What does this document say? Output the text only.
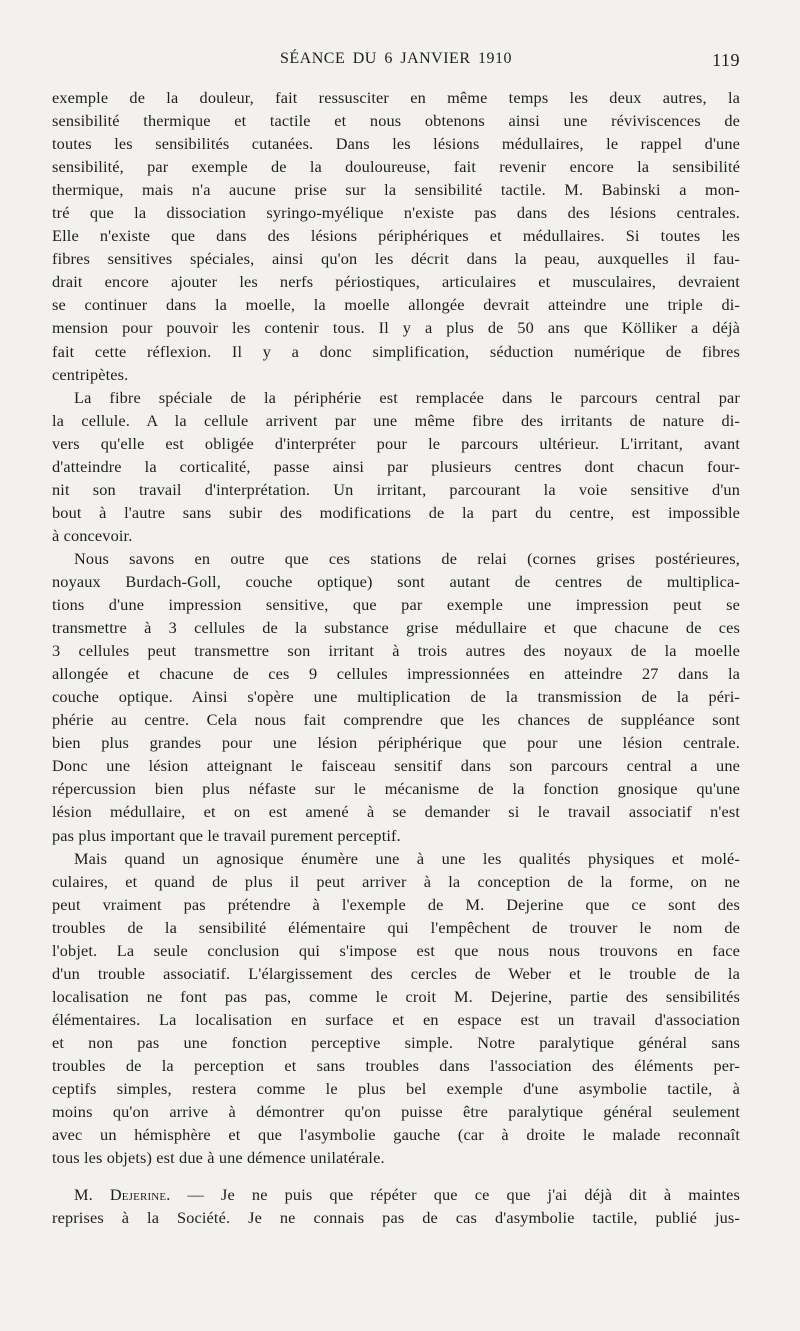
SÉANCE DU 6 JANVIER 1910	119
exemple de la douleur, fait ressusciter en même temps les deux autres, la
sensibilité thermique et tactile et nous obtenons ainsi une réviviscences de
toutes les sensibilités cutanées. Dans les lésions médullaires, le rappel d'une
sensibilité, par exemple de la douloureuse, fait revenir encore la sensibilité
thermique, mais n'a aucune prise sur la sensibilité tactile. M. Babinski a mon-
tré que la dissociation syringo-myélique n'existe pas dans des lésions centrales.
Elle n'existe que dans des lésions périphériques et médullaires. Si toutes les
fibres sensitives spéciales, ainsi qu'on les décrit dans la peau, auxquelles il fau-
drait encore ajouter les nerfs périostiques, articulaires et musculaires, devraient
se continuer dans la moelle, la moelle allongée devrait atteindre une triple di-
mension pour pouvoir les contenir tous. Il y a plus de 50 ans que Kölliker a déjà
fait cette réflexion. Il y a donc simplification, séduction numérique de fibres
centripètes.
La fibre spéciale de la périphérie est remplacée dans le parcours central par
la cellule. A la cellule arrivent par une même fibre des irritants de nature di-
vers qu'elle est obligée d'interpréter pour le parcours ultérieur. L'irritant, avant
d'atteindre la corticalité, passe ainsi par plusieurs centres dont chacun four-
nit son travail d'interprétation. Un irritant, parcourant la voie sensitive d'un
bout à l'autre sans subir des modifications de la part du centre, est impossible
à concevoir.
Nous savons en outre que ces stations de relai (cornes grises postérieures,
noyaux Burdach-Goll, couche optique) sont autant de centres de multiplica-
tions d'une impression sensitive, que par exemple une impression peut se
transmettre à 3 cellules de la substance grise médullaire et que chacune de ces
3 cellules peut transmettre son irritant à trois autres des noyaux de la moelle
allongée et chacune de ces 9 cellules impressionnées en atteindre 27 dans la
couche optique. Ainsi s'opère une multiplication de la transmission de la péri-
phérie au centre. Cela nous fait comprendre que les chances de suppléance sont
bien plus grandes pour une lésion périphérique que pour une lésion centrale.
Donc une lésion atteignant le faisceau sensitif dans son parcours central a une
répercussion bien plus néfaste sur le mécanisme de la fonction gnosique qu'une
lésion médullaire, et on est amené à se demander si le travail associatif n'est
pas plus important que le travail purement perceptif.
Mais quand un agnosique énumère une à une les qualités physiques et molé-
culaires, et quand de plus il peut arriver à la conception de la forme, on ne
peut vraiment pas prétendre à l'exemple de M. Dejerine que ce sont des
troubles de la sensibilité élémentaire qui l'empêchent de trouver le nom de
l'objet. La seule conclusion qui s'impose est que nous nous trouvons en face
d'un trouble associatif. L'élargissement des cercles de Weber et le trouble de la
localisation ne font pas pas, comme le croit M. Dejerine, partie des sensibilités
élémentaires. La localisation en surface et en espace est un travail d'association
et non pas une fonction perceptive simple. Notre paralytique général sans
troubles de la perception et sans troubles dans l'association des éléments per-
ceptifs simples, restera comme le plus bel exemple d'une asymbolie tactile, à
moins qu'on arrive à démontrer qu'on puisse être paralytique général seulement
avec un hémisphère et que l'asymbolie gauche (car à droite le malade reconnaît
tous les objets) est due à une démence unilatérale.
M. Dejerine. — Je ne puis que répéter que ce que j'ai déjà dit à maintes
reprises à la Société. Je ne connais pas de cas d'asymbolie tactile, publié jus-
